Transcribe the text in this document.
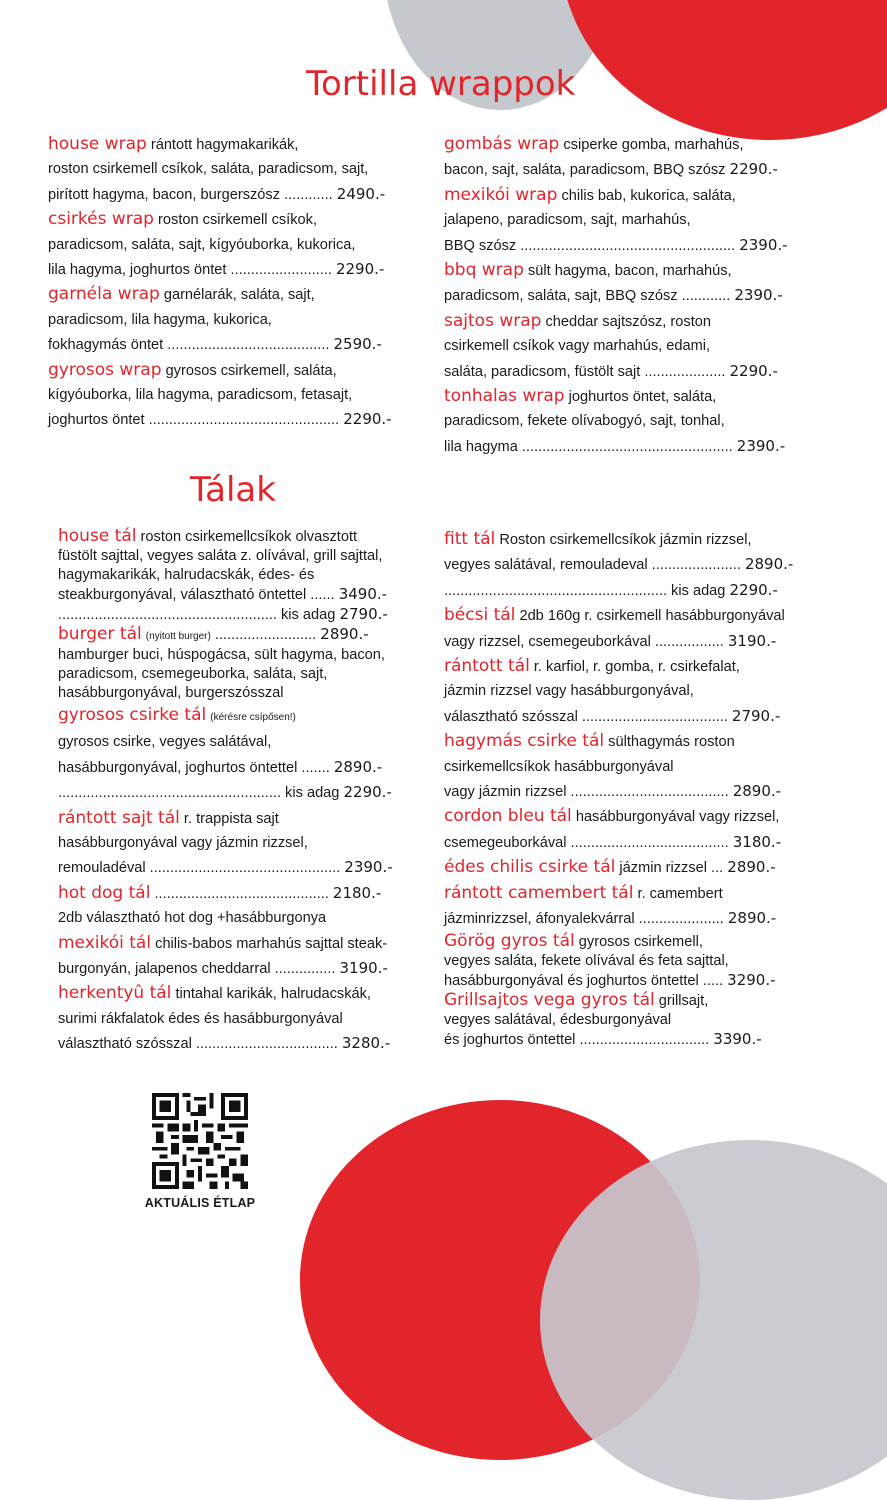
Tortilla wrappok
Tálak
house wrap rántott hagymakarikák,
roston csirkemell csíkok, saláta, paradicsom, sajt,
pirított hagyma, bacon, burgerszósz ............ 2490.-
csirkés wrap roston csirkemell csíkok,
paradicsom, saláta, sajt, kígyóuborka, kukorica,
lila hagyma, joghurtos öntet ......................... 2290.-
garnéla wrap garnélarák, saláta, sajt,
paradicsom, lila hagyma, kukorica,
fokhagymás öntet ........................................ 2590.-
gyrosos wrap gyrosos csirkemell, saláta,
kígyóuborka, lila hagyma, paradicsom, fetasajt,
joghurtos öntet ............................................... 2290.-
gombás wrap csiperke gomba, marhahús,
bacon, sajt, saláta, paradicsom, BBQ szósz 2290.-
mexikói wrap chilis bab, kukorica, saláta,
jalapeno, paradicsom, sajt, marhahús,
BBQ szósz ..................................................... 2390.-
bbq wrap sült hagyma, bacon, marhahús,
paradicsom, saláta, sajt, BBQ szósz ............ 2390.-
sajtos wrap cheddar sajtszósz, roston
csirkemell csíkok vagy marhahús, edami,
saláta, paradicsom, füstölt sajt .................... 2290.-
tonhalas wrap joghurtos öntet, saláta,
paradicsom, fekete olívabogyó, sajt, tonhal,
lila hagyma .................................................... 2390.-
house tál roston csirkemellcsíkok olvasztott
füstölt sajttal, vegyes saláta z. olívával, grill sajttal,
hagymakarikák, halrudacskák, édes- és
steakburgonyával, választható öntettel ...... 3490.-
...................................................... kis adag 2790.-
burger tál (nyitott burger) ......................... 2890.-
hamburger buci, húspogácsa, sült hagyma, bacon,
paradicsom, csemegeuborka, saláta, sajt,
hasábburgonyával, burgerszósszal
gyrosos csirke tál (kérésre csípősen!)
gyrosos csirke, vegyes salátával,
hasábburgonyával, joghurtos öntettel ....... 2890.-
....................................................... kis adag 2290.-
rántott sajt tál r. trappista sajt
hasábburgonyával vagy jázmin rizzsel,
remouladéval ............................................... 2390.-
hot dog tál ........................................... 2180.-
2db választható hot dog +hasábburgonya
mexikói tál chilis-babos marhahús sajttal steak-
burgonyán, jalapenos cheddarral ............... 3190.-
herkentyû tál tintahal karikák, halrudacskák,
surimi rákfalatok édes és hasábburgonyával
választható szósszal ................................... 3280.-
fitt tál Roston csirkemellcsíkok jázmin rizzsel,
vegyes salátával, remouladeval ...................... 2890.-
....................................................... kis adag 2290.-
bécsi tál 2db 160g r. csirkemell hasábburgonyával
vagy rizzsel, csemegeuborkával ................. 3190.-
rántott tál r. karfiol, r. gomba, r. csirkefalat,
jázmin rizzsel vagy hasábburgonyával,
választható szósszal .................................... 2790.-
hagymás csirke tál sülthagymás roston
csirkemellcsíkok hasábburgonyával
vagy jázmin rizzsel ....................................... 2890.-
cordon bleu tál hasábburgonyával vagy rizzsel,
csemegeuborkával ....................................... 3180.-
édes chilis csirke tál jázmin rizzsel ... 2890.-
rántott camembert tál r. camembert
jázminrizzsel, áfonyalekvárral ..................... 2890.-
Görög gyros tál gyrosos csirkemell,
vegyes saláta, fekete olívával és feta sajttal,
hasábburgonyával és joghurtos öntettel ..... 3290.-
Grillsajtos vega gyros tál grillsajt,
vegyes salátával, édesburgonyával
és joghurtos öntettel ................................ 3390.-
AKTUÁLIS ÉTLAP
